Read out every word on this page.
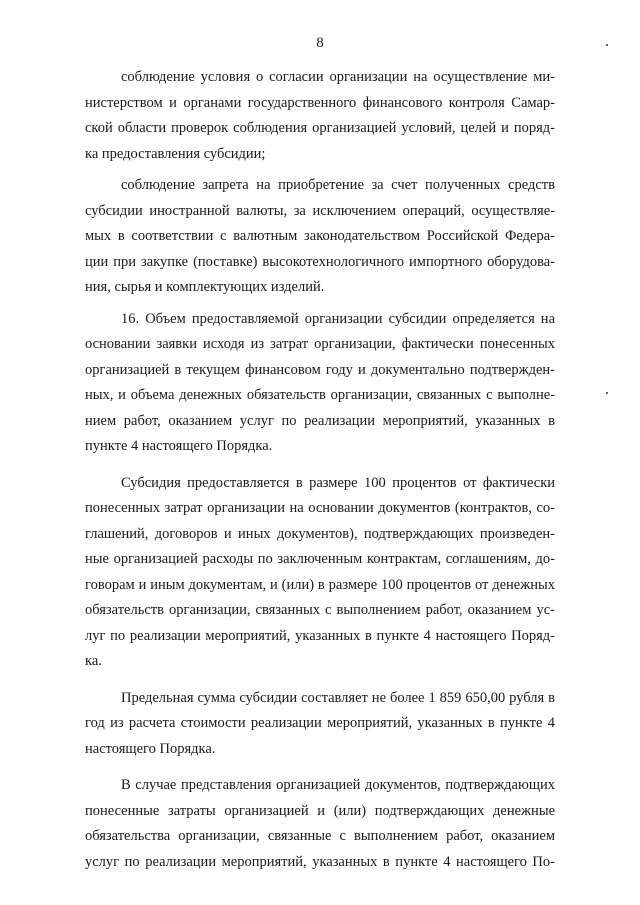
8

соблюдение условия о согласии организации на осуществление ми-
нистерством и органами государственного финансового контроля Самар-
ской области проверок соблюдения организацией условий, целей и поряд-
ка предоставления субсидии;

соблюдение запрета на приобретение за счет полученных средств
субсидии иностранной валюты, за исключением операций, осуществляе-
мых в соответствии с валютным законодательством Российской Федера-
ции при закупке (поставке) высокотехнологичного импортного оборудова-
ния, сырья и комплектующих изделий.

16. Объем предоставляемой организации субсидии определяется на
основании заявки исходя из затрат организации, фактически понесенных
организацией в текущем финансовом году и документально подтвержден-
ных, и объема денежных обязательств организации, связанных с выполне-
нием работ, оказанием услуг по реализации мероприятий, указанных в
пункте 4 настоящего Порядка.

Субсидия предоставляется в размере 100 процентов от фактически
понесенных затрат организации на основании документов (контрактов, со-
глашений, договоров и иных документов), подтверждающих произведен-
ные организацией расходы по заключенным контрактам, соглашениям, до-
говорам и иным документам, и (или) в размере 100 процентов от денежных
обязательств организации, связанных с выполнением работ, оказанием ус-
луг по реализации мероприятий, указанных в пункте 4 настоящего Поряд-
ка.

Предельная сумма субсидии составляет не более 1 859 650,00 рубля в
год из расчета стоимости реализации мероприятий, указанных в пункте 4
настоящего Порядка.

В случае представления организацией документов, подтверждающих
понесенные затраты организацией и (или) подтверждающих денежные
обязательства организации, связанные с выполнением работ, оказанием
услуг по реализации мероприятий, указанных в пункте 4 настоящего По-
